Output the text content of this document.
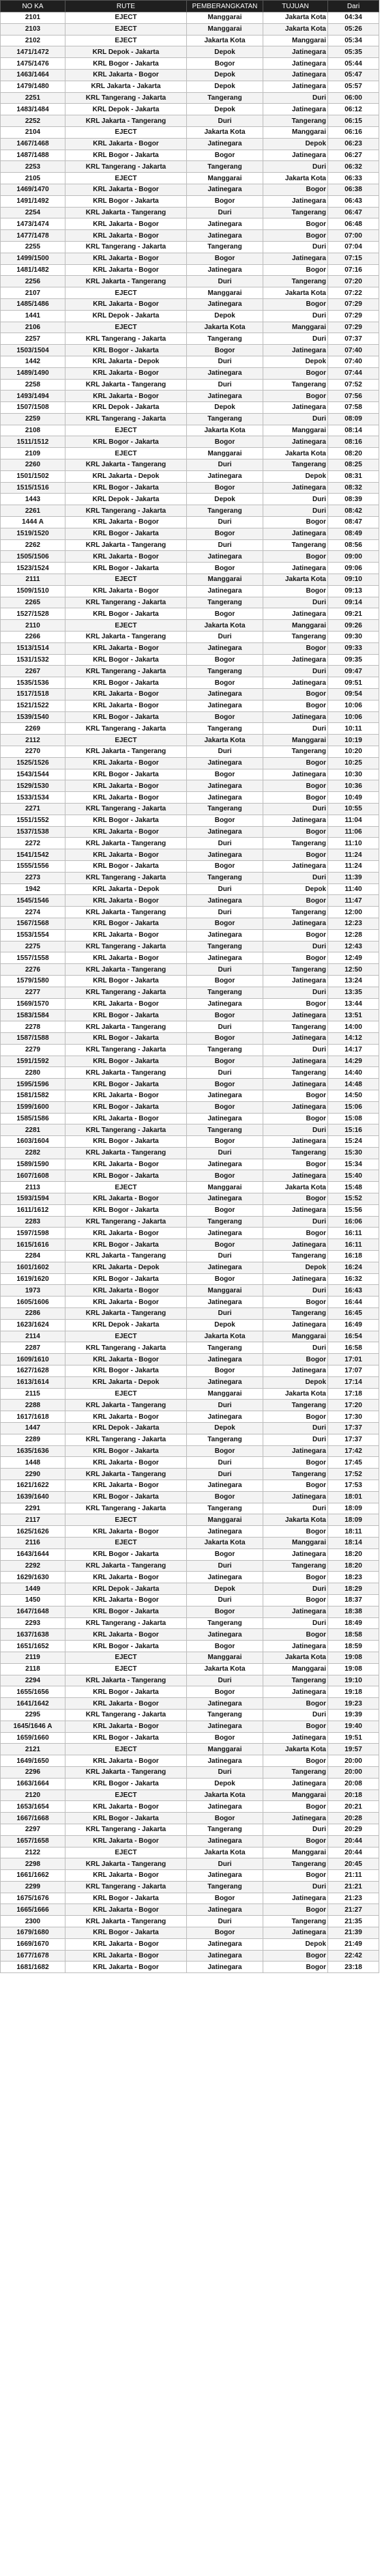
NO KA	RUTE	PEMBERANGKATAN	TUJUAN	Dari
2101	EJECT	Manggarai	Jakarta Kota	04:34
2103	EJECT	Manggarai	Jakarta Kota	05:26
2102	EJECT	Jakarta Kota	Manggarai	05:34
1471/1472	KRL Depok - Jakarta	Depok	Jatinegara	05:35
1475/1476	KRL Bogor - Jakarta	Bogor	Jatinegara	05:44
1463/1464	KRL Jakarta - Bogor	Depok	Jatinegara	05:47
1479/1480	KRL Jakarta - Jakarta	Depok	Jatinegara	05:57
2251	KRL Tangerang - Jakarta	Tangerang	Duri	06:00
1483/1484	KRL Depok - Jakarta	Depok	Jatinegara	06:12
2252	KRL Jakarta - Tangerang	Duri	Tangerang	06:15
2104	EJECT	Jakarta Kota	Manggarai	06:16
1467/1468	KRL Jakarta - Bogor	Jatinegara	Depok	06:23
1487/1488	KRL Bogor - Jakarta	Bogor	Jatinegara	06:27
2253	KRL Tangerang - Jakarta	Tangerang	Duri	06:32
2105	EJECT	Manggarai	Jakarta Kota	06:33
1469/1470	KRL Jakarta - Bogor	Jatinegara	Bogor	06:38
1491/1492	KRL Bogor - Jakarta	Bogor	Jatinegara	06:43
2254	KRL Jakarta - Tangerang	Duri	Tangerang	06:47
1473/1474	KRL Jakarta - Bogor	Jatinegara	Bogor	06:48
1477/1478	KRL Jakarta - Bogor	Jatinegara	Bogor	07:00
2255	KRL Tangerang - Jakarta	Tangerang	Duri	07:04
1499/1500	KRL Jakarta - Bogor	Bogor	Jatinegara	07:15
1481/1482	KRL Jakarta - Bogor	Jatinegara	Bogor	07:16
2256	KRL Jakarta - Tangerang	Duri	Tangerang	07:20
2107	EJECT	Manggarai	Jakarta Kota	07:22
1485/1486	KRL Jakarta - Bogor	Jatinegara	Bogor	07:29
1441	KRL Depok - Jakarta	Depok	Duri	07:29
2106	EJECT	Jakarta Kota	Manggarai	07:29
2257	KRL Tangerang - Jakarta	Tangerang	Duri	07:37
1503/1504	KRL Bogor - Jakarta	Bogor	Jatinegara	07:40
1442	KRL Jakarta - Depok	Duri	Depok	07:40
1489/1490	KRL Jakarta - Bogor	Jatinegara	Bogor	07:44
2258	KRL Jakarta - Tangerang	Duri	Tangerang	07:52
1493/1494	KRL Jakarta - Bogor	Jatinegara	Bogor	07:56
1507/1508	KRL Depok - Jakarta	Depok	Jatinegara	07:58
2259	KRL Tangerang - Jakarta	Tangerang	Duri	08:09
2108	EJECT	Jakarta Kota	Manggarai	08:14
1511/1512	KRL Bogor - Jakarta	Bogor	Jatinegara	08:16
2109	EJECT	Manggarai	Jakarta Kota	08:20
2260	KRL Jakarta - Tangerang	Duri	Tangerang	08:25
1501/1502	KRL Jakarta - Depok	Jatinegara	Depok	08:31
1515/1516	KRL Bogor - Jakarta	Bogor	Jatinegara	08:32
1443	KRL Depok - Jakarta	Depok	Duri	08:39
2261	KRL Tangerang - Jakarta	Tangerang	Duri	08:42
1444 A	KRL Jakarta - Bogor	Duri	Bogor	08:47
1519/1520	KRL Bogor - Jakarta	Bogor	Jatinegara	08:49
2262	KRL Jakarta - Tangerang	Duri	Tangerang	08:56
1505/1506	KRL Jakarta - Bogor	Jatinegara	Bogor	09:00
1523/1524	KRL Bogor - Jakarta	Bogor	Jatinegara	09:06
2111	EJECT	Manggarai	Jakarta Kota	09:10
1509/1510	KRL Jakarta - Bogor	Jatinegara	Bogor	09:13
2265	KRL Tangerang - Jakarta	Tangerang	Duri	09:14
1527/1528	KRL Bogor - Jakarta	Bogor	Jatinegara	09:21
2110	EJECT	Jakarta Kota	Manggarai	09:26
2266	KRL Jakarta - Tangerang	Duri	Tangerang	09:30
1513/1514	KRL Jakarta - Bogor	Jatinegara	Bogor	09:33
1531/1532	KRL Bogor - Jakarta	Bogor	Jatinegara	09:35
2267	KRL Tangerang - Jakarta	Tangerang	Duri	09:47
1535/1536	KRL Bogor - Jakarta	Bogor	Jatinegara	09:51
1517/1518	KRL Jakarta - Bogor	Jatinegara	Bogor	09:54
1521/1522	KRL Jakarta - Bogor	Jatinegara	Bogor	10:06
1539/1540	KRL Bogor - Jakarta	Bogor	Jatinegara	10:06
2269	KRL Tangerang - Jakarta	Tangerang	Duri	10:11
2112	EJECT	Jakarta Kota	Manggarai	10:19
2270	KRL Jakarta - Tangerang	Duri	Tangerang	10:20
1525/1526	KRL Jakarta - Bogor	Jatinegara	Bogor	10:25
1543/1544	KRL Bogor - Jakarta	Bogor	Jatinegara	10:30
1529/1530	KRL Jakarta - Bogor	Jatinegara	Bogor	10:36
1533/1534	KRL Jakarta - Bogor	Jatinegara	Bogor	10:49
2271	KRL Tangerang - Jakarta	Tangerang	Duri	10:55
1551/1552	KRL Bogor - Jakarta	Bogor	Jatinegara	11:04
1537/1538	KRL Jakarta - Bogor	Jatinegara	Bogor	11:06
2272	KRL Jakarta - Tangerang	Duri	Tangerang	11:10
1541/1542	KRL Jakarta - Bogor	Jatinegara	Bogor	11:24
1555/1556	KRL Bogor - Jakarta	Bogor	Jatinegara	11:24
2273	KRL Tangerang - Jakarta	Tangerang	Duri	11:39
1942	KRL Jakarta - Depok	Duri	Depok	11:40
1545/1546	KRL Jakarta - Bogor	Jatinegara	Bogor	11:47
2274	KRL Jakarta - Tangerang	Duri	Tangerang	12:00
1567/1568	KRL Bogor - Jakarta	Bogor	Jatinegara	12:23
1553/1554	KRL Jakarta - Bogor	Jatinegara	Bogor	12:28
2275	KRL Tangerang - Jakarta	Tangerang	Duri	12:43
1557/1558	KRL Jakarta - Bogor	Jatinegara	Bogor	12:49
2276	KRL Jakarta - Tangerang	Duri	Tangerang	12:50
1579/1580	KRL Bogor - Jakarta	Bogor	Jatinegara	13:24
2277	KRL Tangerang - Jakarta	Tangerang	Duri	13:35
1569/1570	KRL Jakarta - Bogor	Jatinegara	Bogor	13:44
1583/1584	KRL Bogor - Jakarta	Bogor	Jatinegara	13:51
2278	KRL Jakarta - Tangerang	Duri	Tangerang	14:00
1587/1588	KRL Bogor - Jakarta	Bogor	Jatinegara	14:12
2279	KRL Tangerang - Jakarta	Tangerang	Duri	14:17
1591/1592	KRL Bogor - Jakarta	Bogor	Jatinegara	14:29
2280	KRL Jakarta - Tangerang	Duri	Tangerang	14:40
1595/1596	KRL Bogor - Jakarta	Bogor	Jatinegara	14:48
1581/1582	KRL Jakarta - Bogor	Jatinegara	Bogor	14:50
1599/1600	KRL Bogor - Jakarta	Bogor	Jatinegara	15:06
1585/1586	KRL Jakarta - Bogor	Jatinegara	Bogor	15:08
2281	KRL Tangerang - Jakarta	Tangerang	Duri	15:16
1603/1604	KRL Bogor - Jakarta	Bogor	Jatinegara	15:24
2282	KRL Jakarta - Tangerang	Duri	Tangerang	15:30
1589/1590	KRL Jakarta - Bogor	Jatinegara	Bogor	15:34
1607/1608	KRL Bogor - Jakarta	Bogor	Jatinegara	15:40
2113	EJECT	Manggarai	Jakarta Kota	15:48
1593/1594	KRL Jakarta - Bogor	Jatinegara	Bogor	15:52
1611/1612	KRL Bogor - Jakarta	Bogor	Jatinegara	15:56
2283	KRL Tangerang - Jakarta	Tangerang	Duri	16:06
1597/1598	KRL Jakarta - Bogor	Jatinegara	Bogor	16:11
1615/1616	KRL Bogor - Jakarta	Bogor	Jatinegara	16:11
2284	KRL Jakarta - Tangerang	Duri	Tangerang	16:18
1601/1602	KRL Jakarta - Depok	Jatinegara	Depok	16:24
1619/1620	KRL Bogor - Jakarta	Bogor	Jatinegara	16:32
1973	KRL Jakarta - Bogor	Manggarai	Duri	16:43
1605/1606	KRL Jakarta - Bogor	Jatinegara	Bogor	16:44
2286	KRL Jakarta - Tangerang	Duri	Tangerang	16:45
1623/1624	KRL Depok - Jakarta	Depok	Jatinegara	16:49
2114	EJECT	Jakarta Kota	Manggarai	16:54
2287	KRL Tangerang - Jakarta	Tangerang	Duri	16:58
1609/1610	KRL Jakarta - Bogor	Jatinegara	Bogor	17:01
1627/1628	KRL Bogor - Jakarta	Bogor	Jatinegara	17:07
1613/1614	KRL Jakarta - Depok	Jatinegara	Depok	17:14
2115	EJECT	Manggarai	Jakarta Kota	17:18
2288	KRL Jakarta - Tangerang	Duri	Tangerang	17:20
1617/1618	KRL Jakarta - Bogor	Jatinegara	Bogor	17:30
1447	KRL Depok - Jakarta	Depok	Duri	17:37
2289	KRL Tangerang - Jakarta	Tangerang	Duri	17:37
1635/1636	KRL Bogor - Jakarta	Bogor	Jatinegara	17:42
1448	KRL Jakarta - Bogor	Duri	Bogor	17:45
2290	KRL Jakarta - Tangerang	Duri	Tangerang	17:52
1621/1622	KRL Jakarta - Bogor	Jatinegara	Bogor	17:53
1639/1640	KRL Bogor - Jakarta	Bogor	Jatinegara	18:01
2291	KRL Tangerang - Jakarta	Tangerang	Duri	18:09
2117	EJECT	Manggarai	Jakarta Kota	18:09
1625/1626	KRL Jakarta - Bogor	Jatinegara	Bogor	18:11
2116	EJECT	Jakarta Kota	Manggarai	18:14
1643/1644	KRL Bogor - Jakarta	Bogor	Jatinegara	18:20
2292	KRL Jakarta - Tangerang	Duri	Tangerang	18:20
1629/1630	KRL Jakarta - Bogor	Jatinegara	Bogor	18:23
1449	KRL Depok - Jakarta	Depok	Duri	18:29
1450	KRL Jakarta - Bogor	Duri	Bogor	18:37
1647/1648	KRL Bogor - Jakarta	Bogor	Jatinegara	18:38
2293	KRL Tangerang - Jakarta	Tangerang	Duri	18:49
1637/1638	KRL Jakarta - Bogor	Jatinegara	Bogor	18:58
1651/1652	KRL Bogor - Jakarta	Bogor	Jatinegara	18:59
2119	EJECT	Manggarai	Jakarta Kota	19:08
2118	EJECT	Jakarta Kota	Manggarai	19:08
2294	KRL Jakarta - Tangerang	Duri	Tangerang	19:10
1655/1656	KRL Bogor - Jakarta	Bogor	Jatinegara	19:18
1641/1642	KRL Jakarta - Bogor	Jatinegara	Bogor	19:23
2295	KRL Tangerang - Jakarta	Tangerang	Duri	19:39
1645/1646 A	KRL Jakarta - Bogor	Jatinegara	Bogor	19:40
1659/1660	KRL Bogor - Jakarta	Bogor	Jatinegara	19:51
2121	EJECT	Manggarai	Jakarta Kota	19:57
1649/1650	KRL Jakarta - Bogor	Jatinegara	Bogor	20:00
2296	KRL Jakarta - Tangerang	Duri	Tangerang	20:00
1663/1664	KRL Bogor - Jakarta	Depok	Jatinegara	20:08
2120	EJECT	Jakarta Kota	Manggarai	20:18
1653/1654	KRL Jakarta - Bogor	Jatinegara	Bogor	20:21
1667/1668	KRL Bogor - Jakarta	Bogor	Jatinegara	20:28
2297	KRL Tangerang - Jakarta	Tangerang	Duri	20:29
1657/1658	KRL Jakarta - Bogor	Jatinegara	Bogor	20:44
2122	EJECT	Jakarta Kota	Manggarai	20:44
2298	KRL Jakarta - Tangerang	Duri	Tangerang	20:45
1661/1662	KRL Jakarta - Bogor	Jatinegara	Bogor	21:11
2299	KRL Tangerang - Jakarta	Tangerang	Duri	21:21
1675/1676	KRL Bogor - Jakarta	Bogor	Jatinegara	21:23
1665/1666	KRL Jakarta - Bogor	Jatinegara	Bogor	21:27
2300	KRL Jakarta - Tangerang	Duri	Tangerang	21:35
1679/1680	KRL Bogor - Jakarta	Bogor	Jatinegara	21:39
1669/1670	KRL Jakarta - Bogor	Jatinegara	Depok	21:49
1677/1678	KRL Jakarta - Bogor	Jatinegara	Bogor	22:42
1681/1682	KRL Jakarta - Bogor	Jatinegara	Bogor	23:18
